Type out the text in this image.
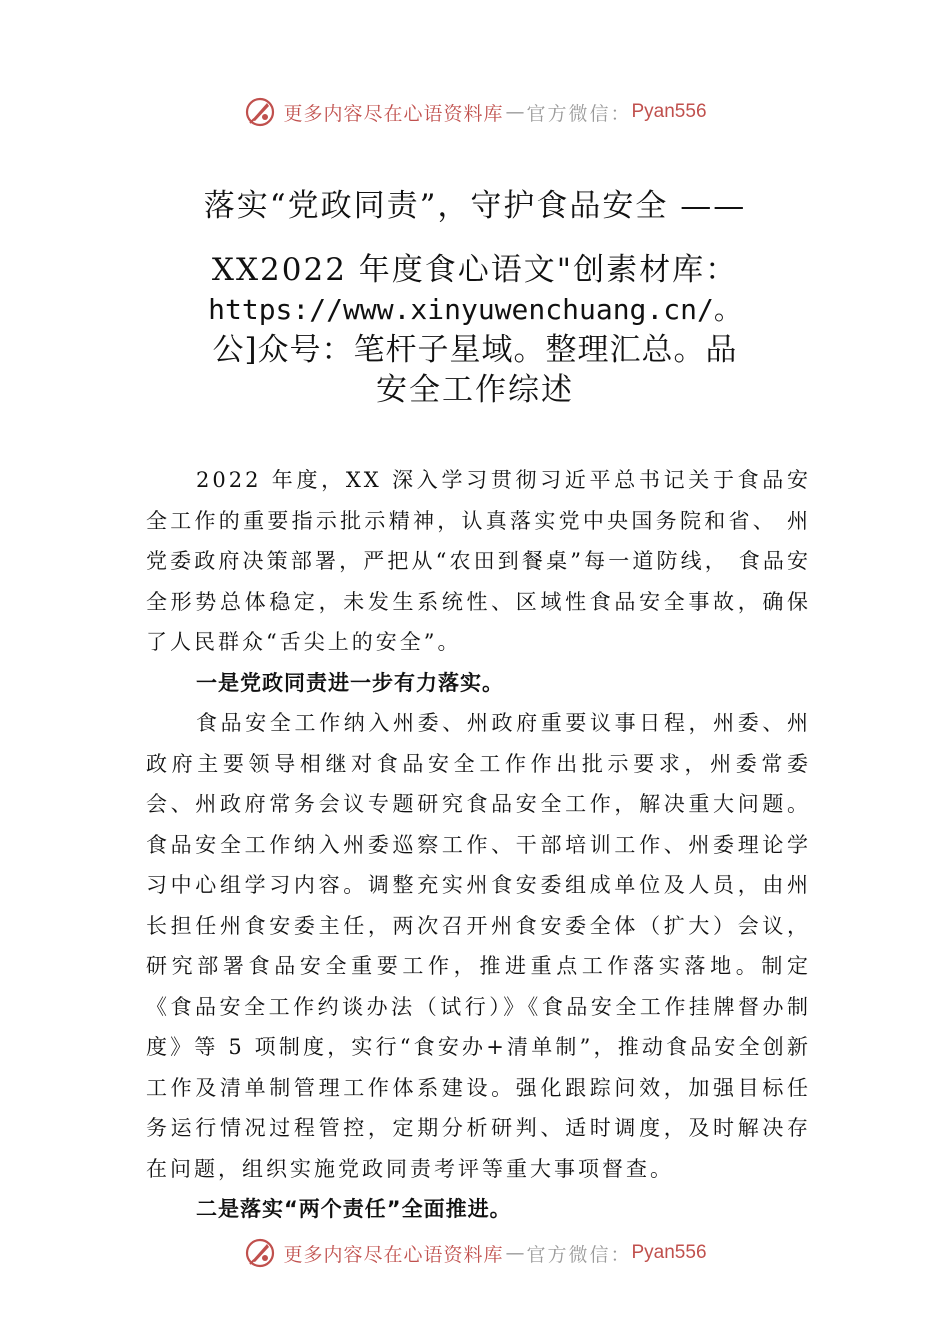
更多内容尽在心语资料库 — 官方微信： Pyan556
落实“党政同责”，守护食品安全 ——
XX2022 年度食心语文"创素材库：
https://www.xinyuwenchuang.cn/。
公]众号：笔杆子星域。整理汇总。品
安全工作综述

2022 年度，XX 深入学习贯彻习近平总书记关于食品安全工作的重要指示批示精神，认真落实党中央国务院和省、 州党委政府决策部署，严把从“农田到餐桌”每一道防线， 食品安全形势总体稳定，未发生系统性、区域性食品安全事故，确保了人民群众“舌尖上的安全”。

一是党政同责进一步有力落实。

食品安全工作纳入州委、州政府重要议事日程，州委、州政府主要领导相继对食品安全工作作出批示要求，州委常委会、州政府常务会议专题研究食品安全工作，解决重大问题。食品安全工作纳入州委巡察工作、干部培训工作、州委理论学习中心组学习内容。调整充实州食安委组成单位及人员，由州长担任州食安委主任，两次召开州食安委全体（扩大）会议，研究部署食品安全重要工作，推进重点工作落实落地。制定《食品安全工作约谈办法（试行）》《食品安全工作挂牌督办制度》等 5 项制度，实行“食安办+清单制”，推动食品安全创新工作及清单制管理工作体系建设。强化跟踪问效，加强目标任务运行情况过程管控，定期分析研判、适时调度，及时解决存在问题，组织实施党政同责考评等重大事项督查。

二是落实“两个责任”全面推进。

更多内容尽在心语资料库 — 官方微信： Pyan556
